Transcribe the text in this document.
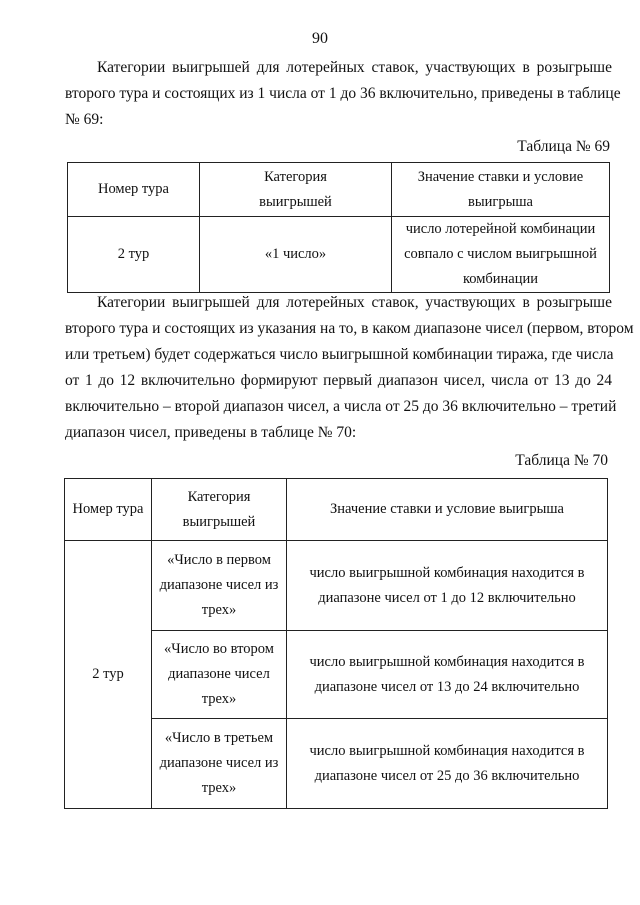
90
Категории выигрышей для лотерейных ставок, участвующих в розыгрыше
второго тура и состоящих из 1 числа от 1 до 36 включительно, приведены в таблице
№ 69:
Таблица № 69
Номер тура	Категория выигрышей	Значение ставки и условие выигрыша
2 тур	«1 число»	число лотерейной комбинации совпало с числом выигрышной комбинации
Категории выигрышей для лотерейных ставок, участвующих в розыгрыше
второго тура и состоящих из указания на то, в каком диапазоне чисел (первом, втором
или третьем) будет содержаться число выигрышной комбинации тиража, где числа
от 1 до 12 включительно формируют первый диапазон чисел, числа от 13 до 24
включительно – второй диапазон чисел, а числа от 25 до 36 включительно – третий
диапазон чисел, приведены в таблице № 70:
Таблица № 70
Номер тура	Категория выигрышей	Значение ставки и условие выигрыша
2 тур	«Число в первом диапазоне чисел из трех»	число выигрышной комбинация находится в диапазоне чисел от 1 до 12 включительно
	«Число во втором диапазоне чисел трех»	число выигрышной комбинация находится в диапазоне чисел от 13 до 24 включительно
	«Число в третьем диапазоне чисел из трех»	число выигрышной комбинация находится в диапазоне чисел от 25 до 36 включительно
